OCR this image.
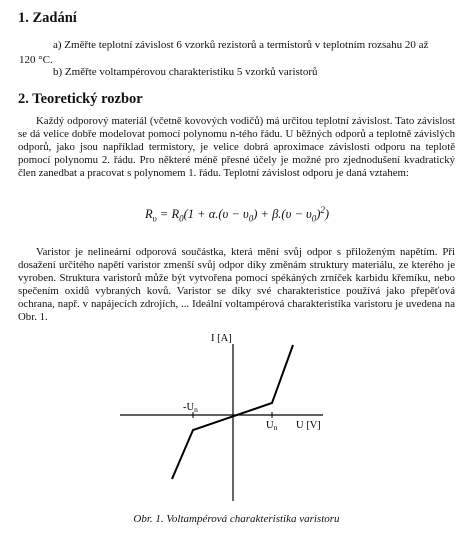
1. Zadání
a) Změřte teplotní závislost 6 vzorků rezistorů a termistorů v teplotním rozsahu 20 až
120 °C.
b) Změřte voltampérovou charakteristiku 5 vzorků varistorů
2. Teoretický rozbor

Každý odporový materiál (včetně kovových vodičů) má určitou teplotní závislost. Tato závislost se dá velice dobře modelovat pomocí polynomu n-tého řádu. U běžných odporů a teplotně závislých odporů, jako jsou například termistory, je velice dobrá aproximace závislosti odporu na teplotě pomocí polynomu 2. řádu. Pro některé méně přesné účely je možné pro zjednodušení kvadratický člen zanedbat a pracovat s polynomem 1. řádu. Teplotní závislost odporu je daná vztahem:

$R_\upsilon = R_0(1 + \alpha.(\upsilon - \upsilon_0) + \beta.(\upsilon - \upsilon_0)^2)$

Varistor je nelineární odporová součástka, která mění svůj odpor s přiloženým napětím. Při dosažení určitého napětí varistor zmenší svůj odpor díky změnám struktury materiálu, ze kterého je vyroben. Struktura varistorů může být vytvořena pomocí spékáných zrníček karbidu křemíku, nebo spečením oxidů vybraných kovů. Varistor se díky své charakteristice používá jako přepěťová ochrana, např. v napájecích zdrojích, ... Ideální voltampérová charakteristika varistoru je uvedena na Obr. 1.

I [A]
U [V]
-Un
Un
Obr. 1. Voltampérová charakteristika varistoru
